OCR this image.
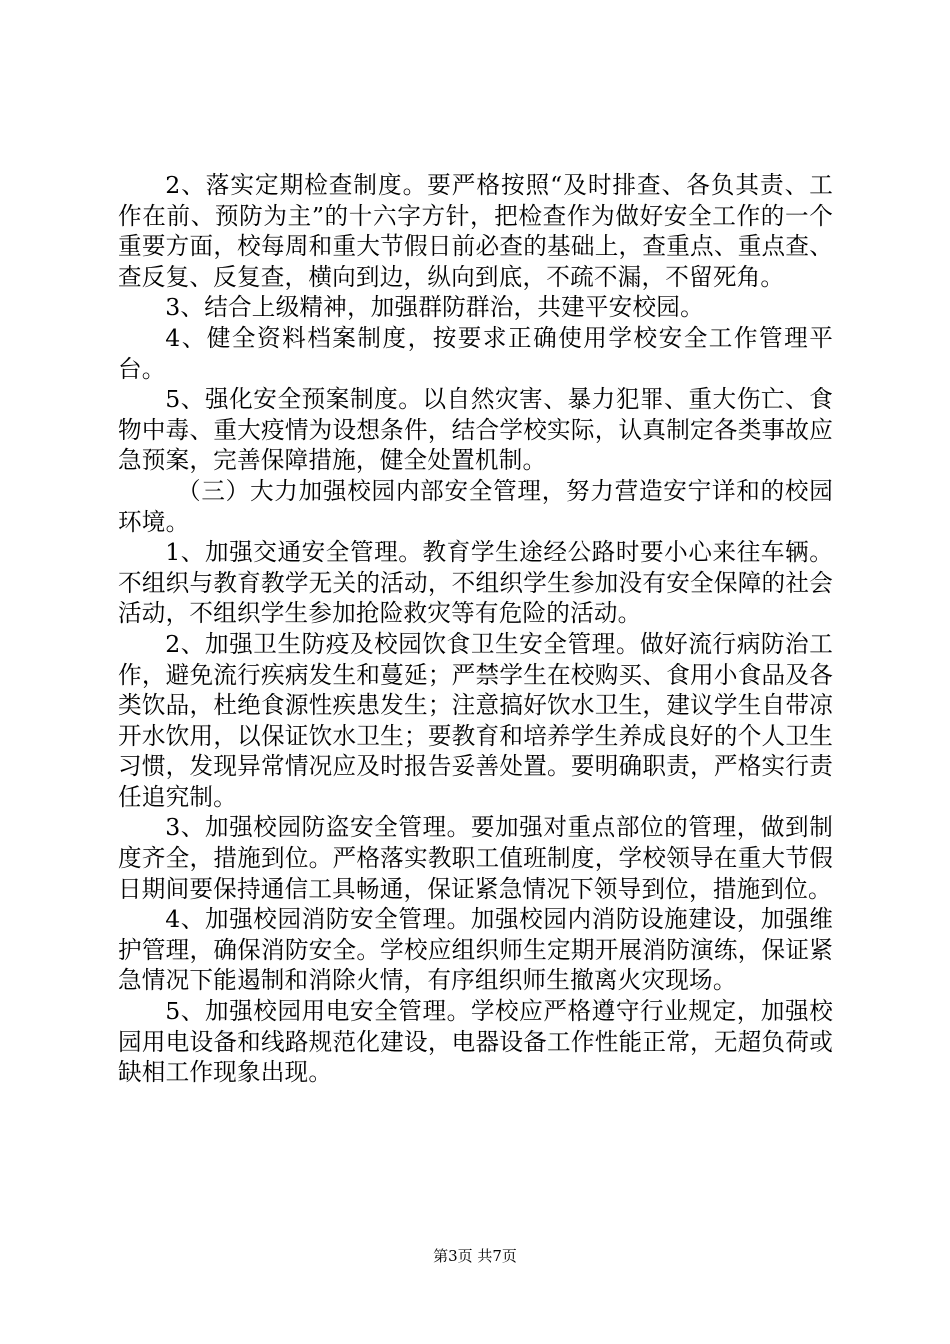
2、落实定期检查制度。要严格按照“及时排查、各负其责、工作在前、预防为主”的十六字方针，把检查作为做好安全工作的一个重要方面，校每周和重大节假日前必查的基础上，查重点、重点查、查反复、反复查，横向到边，纵向到底，不疏不漏，不留死角。

3、结合上级精神，加强群防群治，共建平安校园。

4、健全资料档案制度，按要求正确使用学校安全工作管理平台。

5、强化安全预案制度。以自然灾害、暴力犯罪、重大伤亡、食物中毒、重大疫情为设想条件，结合学校实际，认真制定各类事故应急预案，完善保障措施，健全处置机制。

（三）大力加强校园内部安全管理，努力营造安宁详和的校园环境。

1、加强交通安全管理。教育学生途经公路时要小心来往车辆。不组织与教育教学无关的活动，不组织学生参加没有安全保障的社会活动，不组织学生参加抢险救灾等有危险的活动。

2、加强卫生防疫及校园饮食卫生安全管理。做好流行病防治工作，避免流行疾病发生和蔓延；严禁学生在校购买、食用小食品及各类饮品，杜绝食源性疾患发生；注意搞好饮水卫生，建议学生自带凉开水饮用，以保证饮水卫生；要教育和培养学生养成良好的个人卫生习惯，发现异常情况应及时报告妥善处置。要明确职责，严格实行责任追究制。

3、加强校园防盗安全管理。要加强对重点部位的管理，做到制度齐全，措施到位。严格落实教职工值班制度，学校领导在重大节假日期间要保持通信工具畅通，保证紧急情况下领导到位，措施到位。

4、加强校园消防安全管理。加强校园内消防设施建设，加强维护管理，确保消防安全。学校应组织师生定期开展消防演练，保证紧急情况下能遏制和消除火情，有序组织师生撤离火灾现场。

5、加强校园用电安全管理。学校应严格遵守行业规定，加强校园用电设备和线路规范化建设，电器设备工作性能正常，无超负荷或缺相工作现象出现。

第3页 共7页
